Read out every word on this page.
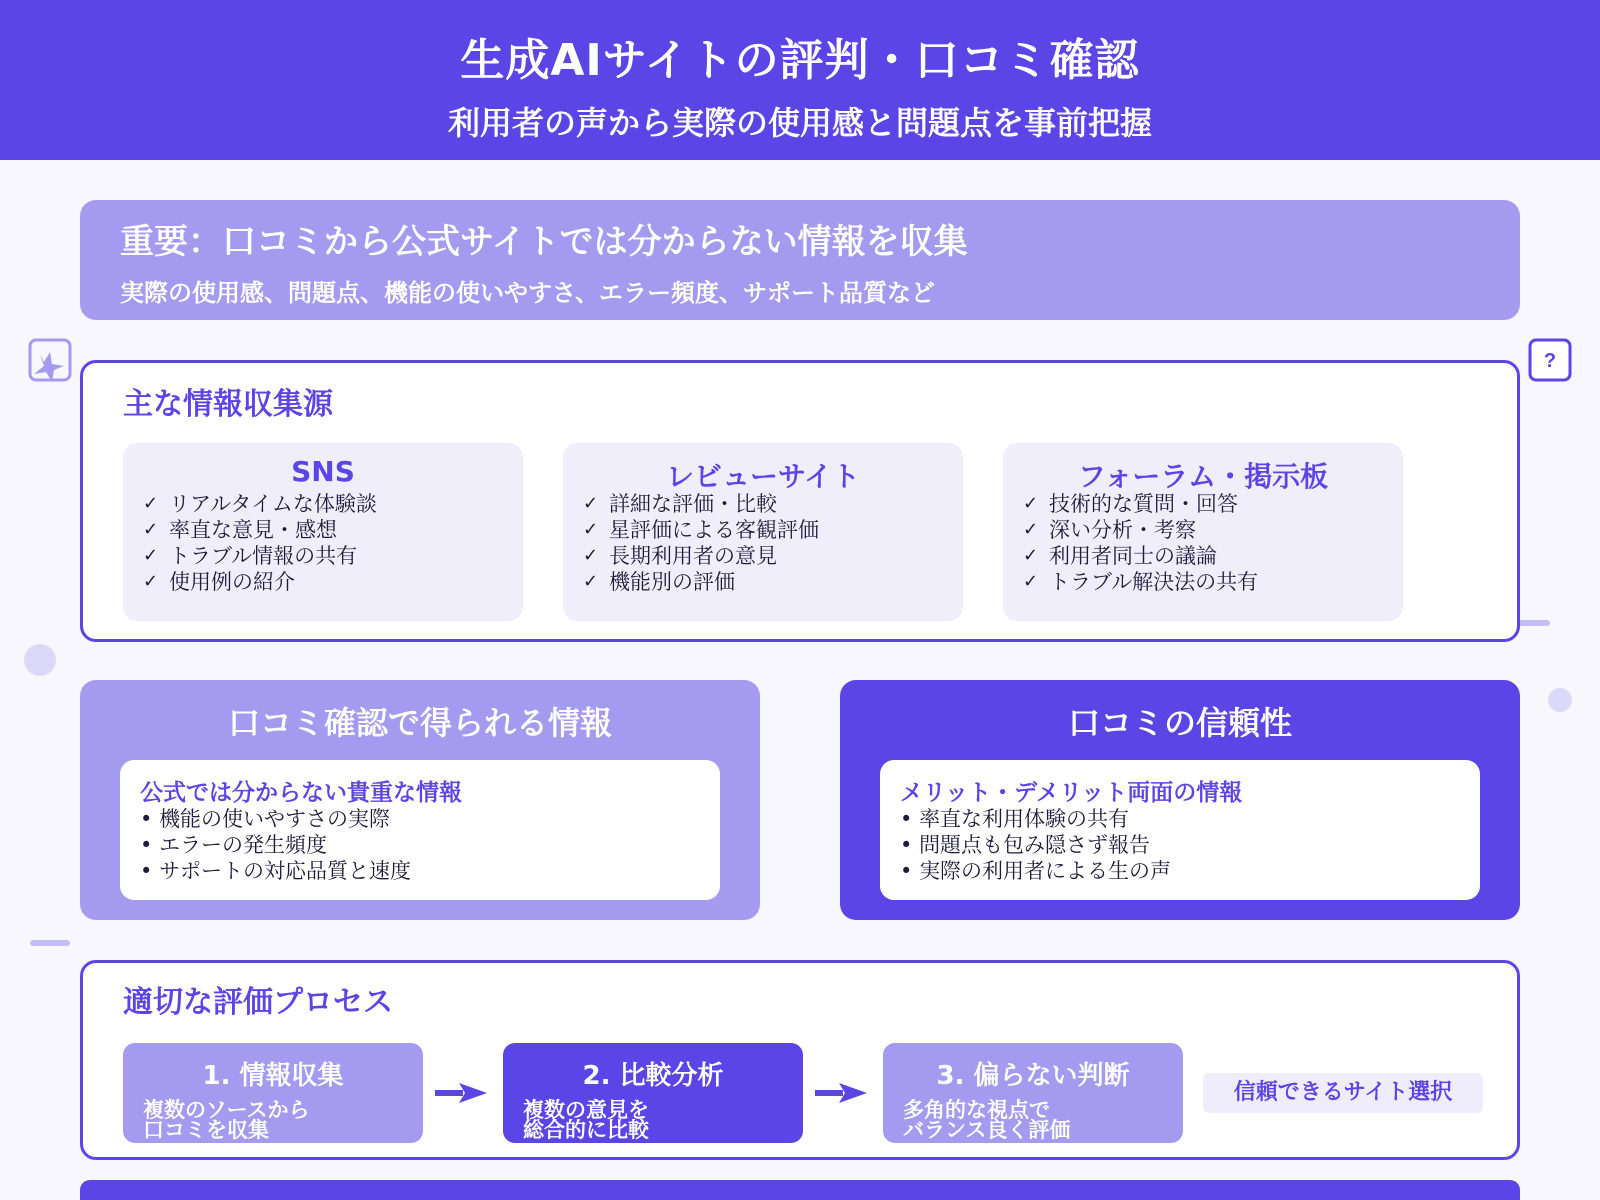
生成AIサイトの評判・口コミ確認
利用者の声から実際の使用感と問題点を事前把握
重要：口コミから公式サイトでは分からない情報を収集
実際の使用感、問題点、機能の使いやすさ、エラー頻度、サポート品質など
?
主な情報収集源
SNS
✓ リアルタイムな体験談
✓ 率直な意見・感想
✓ トラブル情報の共有
✓ 使用例の紹介
レビューサイト
✓ 詳細な評価・比較
✓ 星評価による客観評価
✓ 長期利用者の意見
✓ 機能別の評価
フォーラム・掲示板
✓ 技術的な質問・回答
✓ 深い分析・考察
✓ 利用者同士の議論
✓ トラブル解決法の共有
口コミ確認で得られる情報
公式では分からない貴重な情報
• 機能の使いやすさの実際
• エラーの発生頻度
• サポートの対応品質と速度
口コミの信頼性
メリット・デメリット両面の情報
• 率直な利用体験の共有
• 問題点も包み隠さず報告
• 実際の利用者による生の声
適切な評価プロセス
1. 情報収集
複数のソースから
口コミを収集
2. 比較分析
複数の意見を
総合的に比較
3. 偏らない判断
多角的な視点で
バランス良く評価
信頼できるサイト選択
